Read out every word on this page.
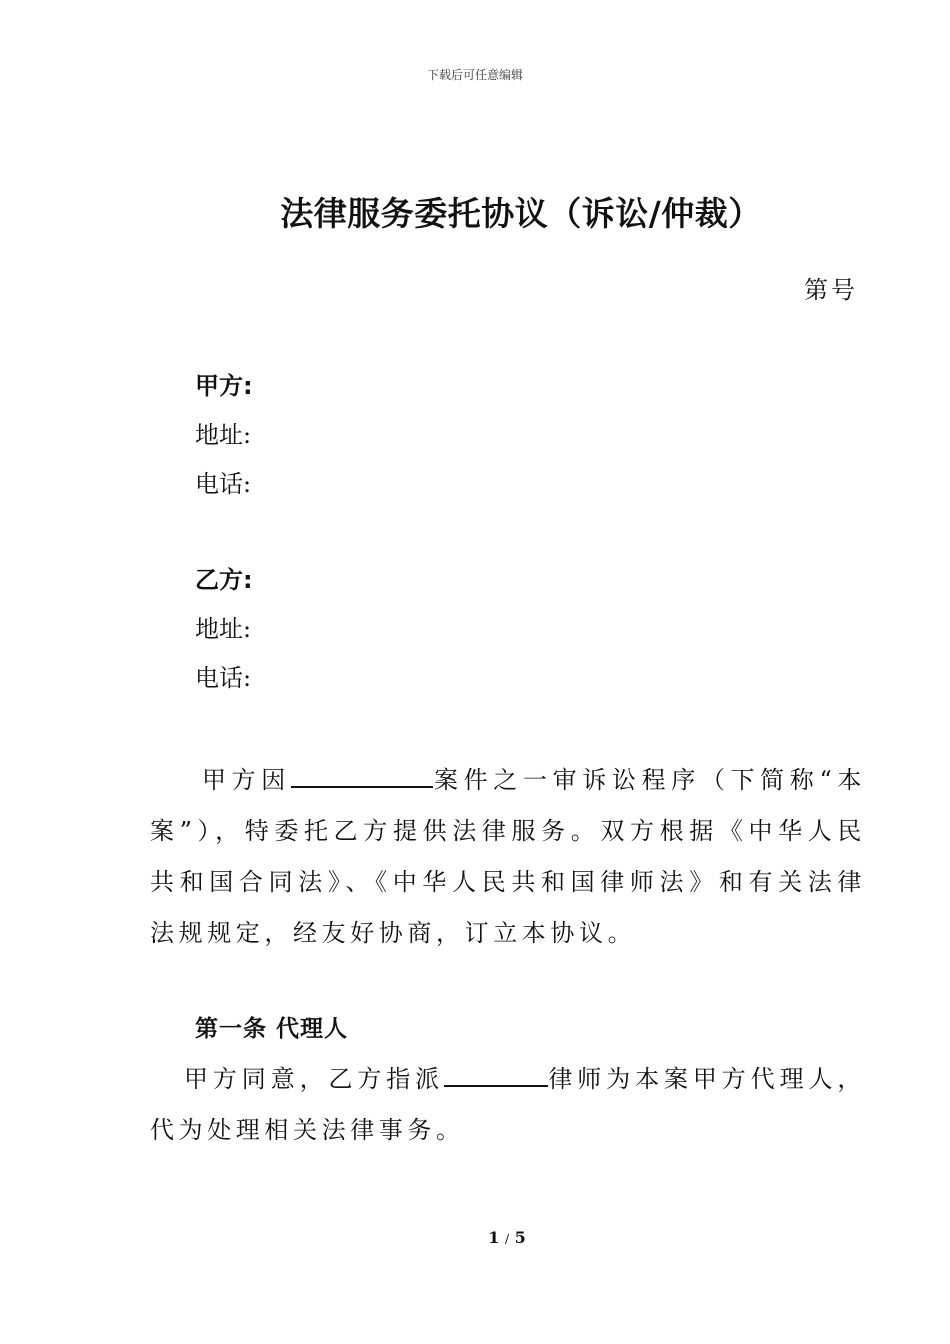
下载后可任意编辑
法律服务委托协议（诉讼/仲裁）
第号
甲方:
地址:
电话:
乙方:
地址:
电话:
甲方因	案件之一审诉讼程序（下简称“本案”），特委托乙方提供法律服务。双方根据《中华人民共和国合同法》、《中华人民共和国律师法》和有关法律法规规定，经友好协商，订立本协议。
第一条 代理人
甲方同意，乙方指派	律师为本案甲方代理人，代为处理相关法律事务。
1 / 5
